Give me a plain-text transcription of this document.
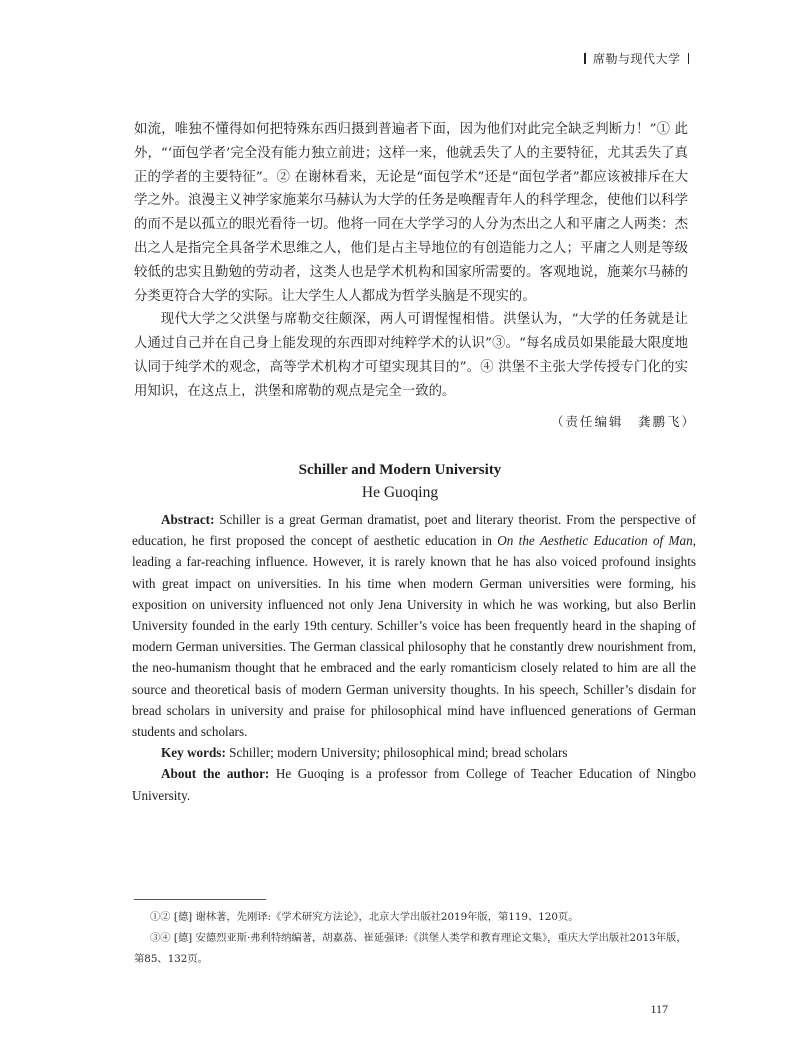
席勒与现代大学

如流，唯独不懂得如何把特殊东西归摄到普遍者下面，因为他们对此完全缺乏判断力！”① 此外，“‘面包学者’完全没有能力独立前进；这样一来，他就丢失了人的主要特征，尤其丢失了真正的学者的主要特征”。② 在谢林看来，无论是“面包学术”还是“面包学者”都应该被排斥在大学之外。浪漫主义神学家施莱尔马赫认为大学的任务是唤醒青年人的科学理念，使他们以科学的而不是以孤立的眼光看待一切。他将一同在大学学习的人分为杰出之人和平庸之人两类：杰出之人是指完全具备学术思维之人，他们是占主导地位的有创造能力之人；平庸之人则是等级较低的忠实且勤勉的劳动者，这类人也是学术机构和国家所需要的。客观地说，施莱尔马赫的分类更符合大学的实际。让大学生人人都成为哲学头脑是不现实的。

现代大学之父洪堡与席勒交往颇深，两人可谓惺惺相惜。洪堡认为，“大学的任务就是让人通过自己并在自己身上能发现的东西即对纯粹学术的认识”③。“每名成员如果能最大限度地认同于纯学术的观念，高等学术机构才可望实现其目的”。④ 洪堡不主张大学传授专门化的实用知识，在这点上，洪堡和席勒的观点是完全一致的。

（责任编辑　龚鹏飞）
Schiller and Modern University
He Guoqing

Abstract: Schiller is a great German dramatist, poet and literary theorist. From the perspective of education, he first proposed the concept of aesthetic education in On the Aesthetic Education of Man, leading a far-reaching influence. However, it is rarely known that he has also voiced profound insights with great impact on universities. In his time when modern German universities were forming, his exposition on university influenced not only Jena University in which he was working, but also Berlin University founded in the early 19th century. Schiller’s voice has been frequently heard in the shaping of modern German universities. The German classical philosophy that he constantly drew nourishment from, the neo-humanism thought that he embraced and the early romanticism closely related to him are all the source and theoretical basis of modern German university thoughts. In his speech, Schiller’s disdain for bread scholars in university and praise for philosophical mind have influenced generations of German students and scholars.

Key words: Schiller; modern University; philosophical mind; bread scholars

About the author: He Guoqing is a professor from College of Teacher Education of Ningbo University.

①② [德] 谢林著，先刚译:《学术研究方法论》，北京大学出版社2019年版，第119、120页。

③④ [德] 安德烈亚斯·弗利特纳编著，胡嘉荔、崔延强译:《洪堡人类学和教育理论文集》，重庆大学出版社2013年版，第85、132页。

117
